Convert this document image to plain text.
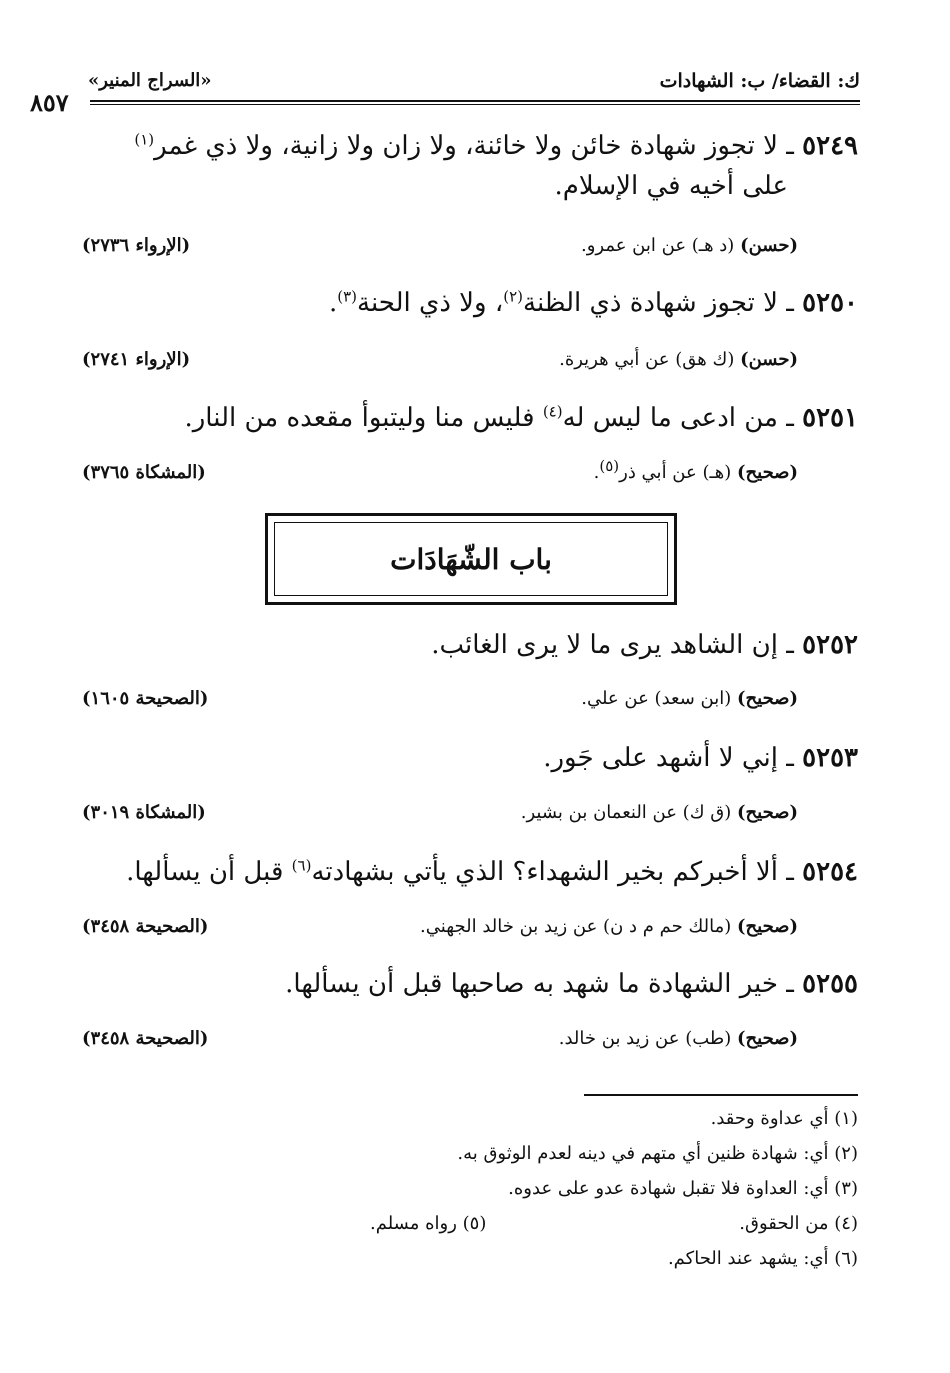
ك: القضاء/ ب: الشهادات
«السراج المنير»
٨٥٧
٥٢٤٩ ـ لا تجوز شهادة خائن ولا خائنة، ولا زان ولا زانية، ولا ذي غمر$^{(١)}$
على أخيه في الإسلام.
(حسن) (د هـ) عن ابن عمرو.
(الإرواء ٢٧٣٦)
٥٢٥٠ ـ لا تجوز شهادة ذي الظنة$^{(٢)}$، ولا ذي الحنة$^{(٣)}$.
(حسن) (ك هق) عن أبي هريرة.
(الإرواء ٢٧٤١)
٥٢٥١ ـ من ادعى ما ليس له$^{(٤)}$ فليس منا وليتبوأ مقعده من النار.
(صحيح) (هـ) عن أبي ذر$^{(٥)}$.
(المشكاة ٣٧٦٥)
باب الشّهَادَات
٥٢٥٢ ـ إن الشاهد يرى ما لا يرى الغائب.
(صحيح) (ابن سعد) عن علي.
(الصحيحة ١٦٠٥)
٥٢٥٣ ـ إني لا أشهد على جَور.
(صحيح) (ق ك) عن النعمان بن بشير.
(المشكاة ٣٠١٩)
٥٢٥٤ ـ ألا أخبركم بخير الشهداء؟ الذي يأتي بشهادته$^{(٦)}$ قبل أن يسألها.
(صحيح) (مالك حم م د ن) عن زيد بن خالد الجهني.
(الصحيحة ٣٤٥٨)
٥٢٥٥ ـ خير الشهادة ما شهد به صاحبها قبل أن يسألها.
(صحيح) (طب) عن زيد بن خالد.
(الصحيحة ٣٤٥٨)
(١) أي عداوة وحقد.
(٢) أي: شهادة ظنين أي متهم في دينه لعدم الوثوق به.
(٣) أي: العداوة فلا تقبل شهادة عدو على عدوه.
(٤) من الحقوق.
(٥) رواه مسلم.
(٦) أي: يشهد عند الحاكم.
